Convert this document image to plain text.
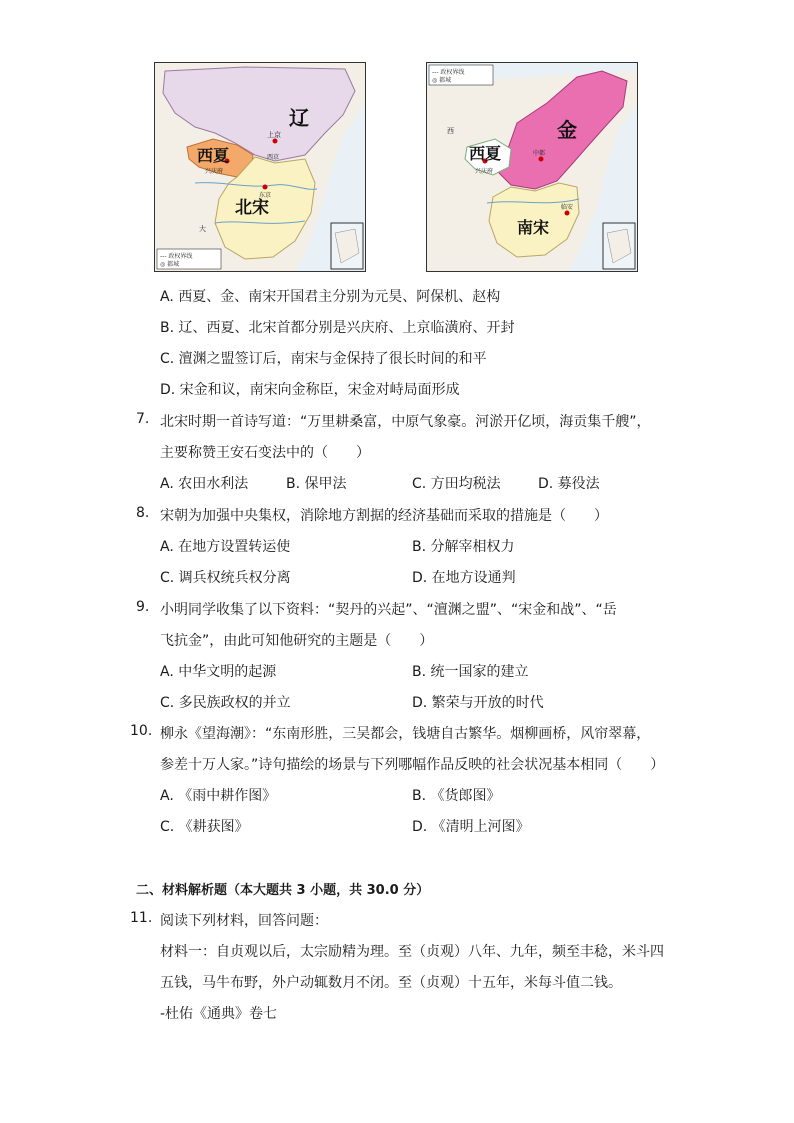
辽
西夏
北宋
上京
兴庆府
西京
东京
大
--- 政权界线
◎ 都城
金
西夏
南宋
中都
兴庆府
临安
西
--- 政权界线
◎ 都城
A. 西夏、金、南宋开国君主分别为元昊、阿保机、赵构
B. 辽、西夏、北宋首都分别是兴庆府、上京临潢府、开封
C. 澶渊之盟签订后，南宋与金保持了很长时间的和平
D. 宋金和议，南宋向金称臣，宋金对峙局面形成
7. 北宋时期一首诗写道：“万里耕桑富，中原气象豪。河淤开亿顷，海贡集千艘”，
主要称赞王安石变法中的（　　）
A. 农田水利法	B. 保甲法	C. 方田均税法	D. 募役法
8. 宋朝为加强中央集权，消除地方割据的经济基础而采取的措施是（　　）
A. 在地方设置转运使	B. 分解宰相权力
C. 调兵权统兵权分离	D. 在地方设通判
9. 小明同学收集了以下资料：“契丹的兴起”、“澶渊之盟”、“宋金和战”、“岳
飞抗金”，由此可知他研究的主题是（　　）
A. 中华文明的起源	B. 统一国家的建立
C. 多民族政权的并立	D. 繁荣与开放的时代
10. 柳永《望海潮》：“东南形胜，三吴都会，钱塘自古繁华。烟柳画桥，风帘翠幕，
参差十万人家。”诗句描绘的场景与下列哪幅作品反映的社会状况基本相同（　　）
A. 《雨中耕作图》	B. 《货郎图》
C. 《耕获图》	D. 《清明上河图》
二、材料解析题（本大题共 3 小题，共 30.0 分）
11. 阅读下列材料，回答问题：
材料一：自贞观以后，太宗励精为理。至（贞观）八年、九年，频至丰稔，米斗四
五钱，马牛布野，外户动辄数月不闭。至（贞观）十五年，米每斗值二钱。
-杜佑《通典》卷七
